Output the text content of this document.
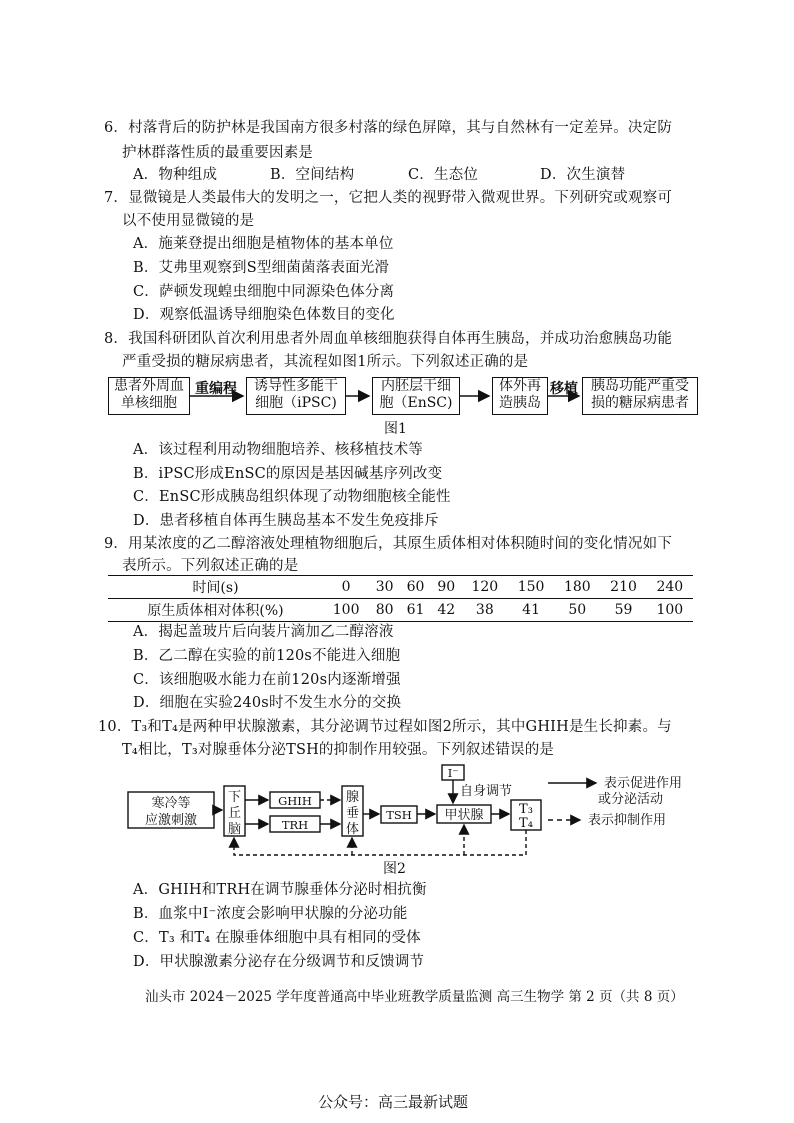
6．村落背后的防护林是我国南方很多村落的绿色屏障，其与自然林有一定差异。决定防
护林群落性质的最重要因素是
A．物种组成	B．空间结构	C．生态位	D．次生演替
7．显微镜是人类最伟大的发明之一，它把人类的视野带入微观世界。下列研究或观察可
以不使用显微镜的是
A．施莱登提出细胞是植物体的基本单位
B．艾弗里观察到S型细菌菌落表面光滑
C．萨顿发现蝗虫细胞中同源染色体分离
D．观察低温诱导细胞染色体数目的变化
8．我国科研团队首次利用患者外周血单核细胞获得自体再生胰岛，并成功治愈胰岛功能
严重受损的糖尿病患者，其流程如图1所示。下列叙述正确的是
患者外周血
单核细胞
重编程	诱导性多能干
细胞（iPSC)
内胚层干细
胞（EnSC)
体外再
造胰岛
移植 胰岛功能严重受
损的糖尿病患者
图1
A．该过程利用动物细胞培养、核移植技术等
B．iPSC形成EnSC的原因是基因碱基序列改变
C．EnSC形成胰岛组织体现了动物细胞核全能性
D．患者移植自体再生胰岛基本不发生免疫排斥
9．用某浓度的乙二醇溶液处理植物细胞后，其原生质体相对体积随时间的变化情况如下
表所示。下列叙述正确的是
时间(s)	0	30	60	90	120	150	180	210	240
原生质体相对体积(%)	100	80	61	42	38	41	50	59	100
A．揭起盖玻片后向装片滴加乙二醇溶液
B．乙二醇在实验的前120s不能进入细胞
C．该细胞吸水能力在前120s内逐渐增强
D．细胞在实验240s时不发生水分的交换
10．T₃和T₄是两种甲状腺激素，其分泌调节过程如图2所示，其中GHIH是生长抑素。与
T₄相比，T₃对腺垂体分泌TSH的抑制作用较强。下列叙述错误的是
寒冷等
应激刺激
下
丘
脑
GHIH
TRH
腺
垂
体
TSH
I⁻
自身调节
甲状腺	T₃
T₄
表示促进作用
或分泌活动
表示抑制作用
图2
A．GHIH和TRH在调节腺垂体分泌时相抗衡
B．血浆中I⁻浓度会影响甲状腺的分泌功能
C．T₃ 和T₄ 在腺垂体细胞中具有相同的受体
D．甲状腺激素分泌存在分级调节和反馈调节
汕头市 2024－2025 学年度普通高中毕业班教学质量监测 高三生物学 第 2 页（共 8 页）
公众号：高三最新试题
